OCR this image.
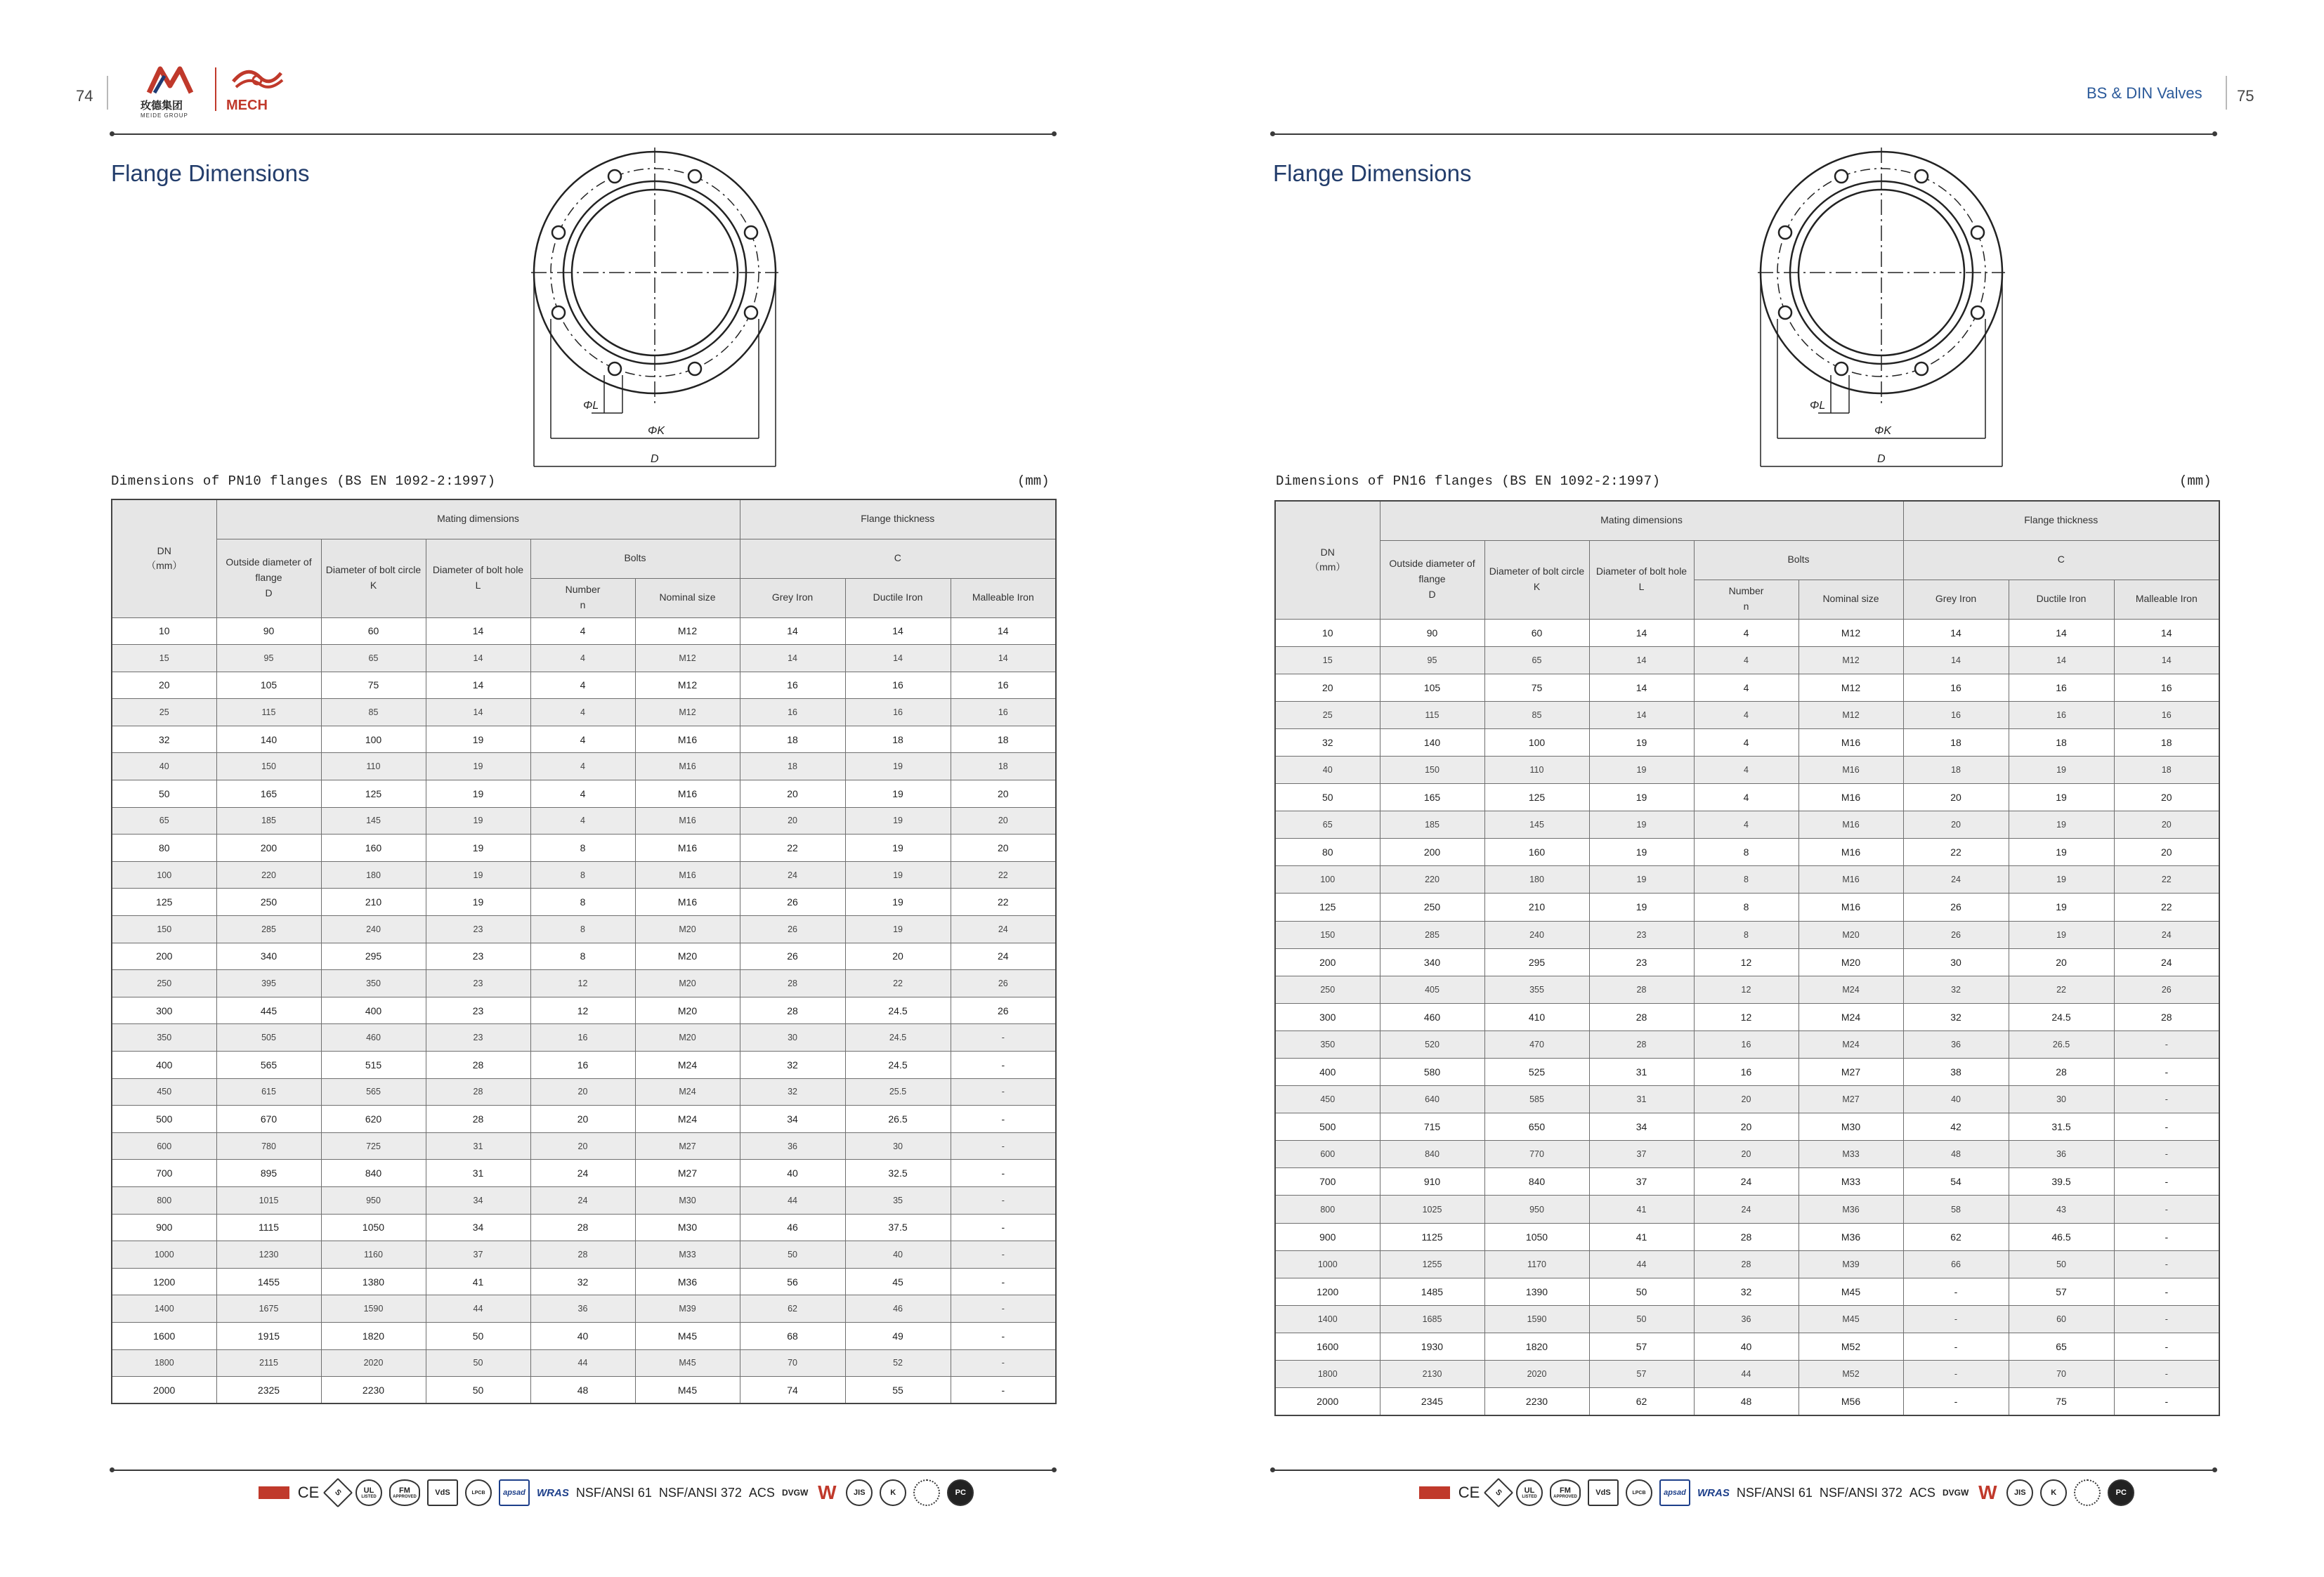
74
玫德集团
MEIDE GROUP
MECH
Flange Dimensions
ΦL
ΦK
D
Dimensions of PN10 flanges (BS EN 1092-2:1997)	(mm)
DN
（mm）	Mating dimensions					Flange thickness		
	Outside diameter of flange
D	Diameter of bolt circle
K	Diameter of bolt hole
L	Bolts		C		
				Number
n	Nominal size	Grey Iron	Ductile Iron	Malleable Iron
10	90	60	14	4	M12	14	14	14
15	95	65	14	4	M12	14	14	14
20	105	75	14	4	M12	16	16	16
25	115	85	14	4	M12	16	16	16
32	140	100	19	4	M16	18	18	18
40	150	110	19	4	M16	18	19	18
50	165	125	19	4	M16	20	19	20
65	185	145	19	4	M16	20	19	20
80	200	160	19	8	M16	22	19	20
100	220	180	19	8	M16	24	19	22
125	250	210	19	8	M16	26	19	22
150	285	240	23	8	M20	26	19	24
200	340	295	23	8	M20	26	20	24
250	395	350	23	12	M20	28	22	26
300	445	400	23	12	M20	28	24.5	26
350	505	460	23	16	M20	30	24.5	-
400	565	515	28	16	M24	32	24.5	-
450	615	565	28	20	M24	32	25.5	-
500	670	620	28	20	M24	34	26.5	-
600	780	725	31	20	M27	36	30	-
700	895	840	31	24	M27	40	32.5	-
800	1015	950	34	24	M30	44	35	-
900	1115	1050	34	28	M30	46	37.5	-
1000	1230	1160	37	28	M33	50	40	-
1200	1455	1380	41	32	M36	56	45	-
1400	1675	1590	44	36	M39	62	46	-
1600	1915	1820	50	40	M45	68	49	-
1800	2115	2020	50	44	M45	70	52	-
2000	2325	2230	50	48	M45	74	55	-
CE	S	UL
LISTED
FM
APPROVED	VdS	LPCB	apsad	WRAS NSF/ANSI 61 NSF/ANSI 372 ACS DVGW W	JIS	K	PC
BS & DIN Valves 75
Flange Dimensions
ΦL
ΦK
D
Dimensions of PN16 flanges (BS EN 1092-2:1997)	(mm)
DN
（mm）	Mating dimensions					Flange thickness		
	Outside diameter of flange
D	Diameter of bolt circle
K	Diameter of bolt hole
L	Bolts		C		
				Number
n	Nominal size	Grey Iron	Ductile Iron	Malleable Iron
10	90	60	14	4	M12	14	14	14
15	95	65	14	4	M12	14	14	14
20	105	75	14	4	M12	16	16	16
25	115	85	14	4	M12	16	16	16
32	140	100	19	4	M16	18	18	18
40	150	110	19	4	M16	18	19	18
50	165	125	19	4	M16	20	19	20
65	185	145	19	4	M16	20	19	20
80	200	160	19	8	M16	22	19	20
100	220	180	19	8	M16	24	19	22
125	250	210	19	8	M16	26	19	22
150	285	240	23	8	M20	26	19	24
200	340	295	23	12	M20	30	20	24
250	405	355	28	12	M24	32	22	26
300	460	410	28	12	M24	32	24.5	28
350	520	470	28	16	M24	36	26.5	-
400	580	525	31	16	M27	38	28	-
450	640	585	31	20	M27	40	30	-
500	715	650	34	20	M30	42	31.5	-
600	840	770	37	20	M33	48	36	-
700	910	840	37	24	M33	54	39.5	-
800	1025	950	41	24	M36	58	43	-
900	1125	1050	41	28	M36	62	46.5	-
1000	1255	1170	44	28	M39	66	50	-
1200	1485	1390	50	32	M45	-	57	-
1400	1685	1590	50	36	M45	-	60	-
1600	1930	1820	57	40	M52	-	65	-
1800	2130	2020	57	44	M52	-	70	-
2000	2345	2230	62	48	M56	-	75	-
CE	S	UL
LISTED
FM
APPROVED	VdS	LPCB	apsad	WRAS NSF/ANSI 61 NSF/ANSI 372 ACS DVGW W	JIS	K	PC
